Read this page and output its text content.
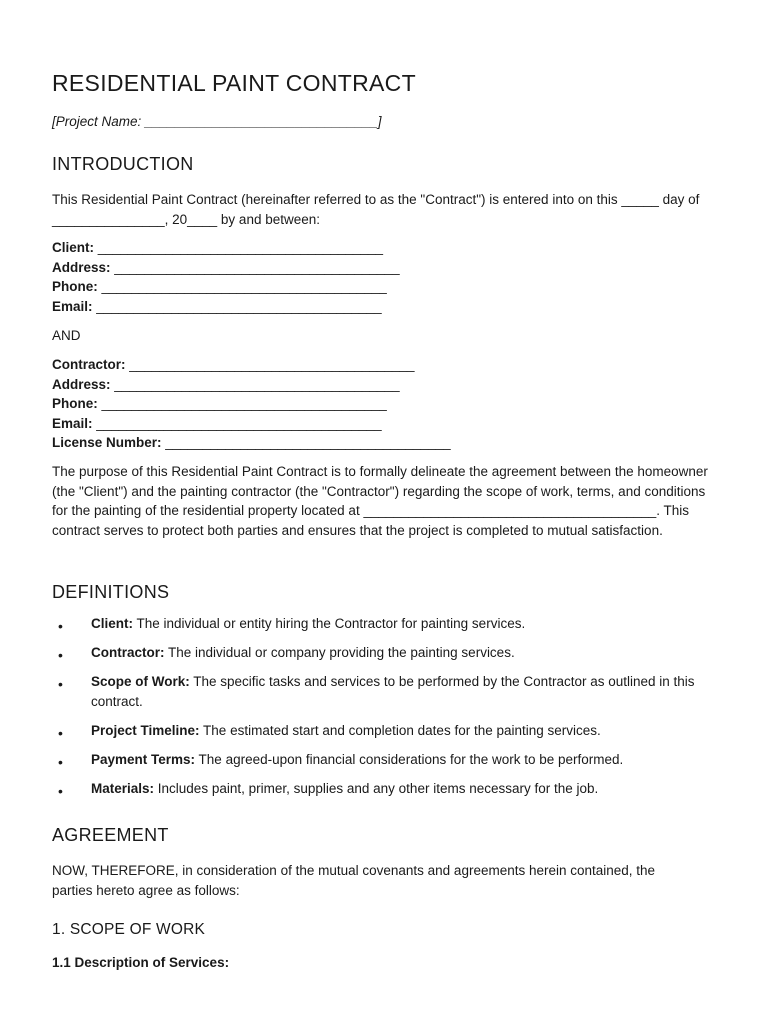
RESIDENTIAL PAINT CONTRACT
[Project Name: _______________________________]
INTRODUCTION

This Residential Paint Contract (hereinafter referred to as the "Contract") is entered into on this _____ day of _______________, 20____ by and between:

Client: ______________________________________
Address: ______________________________________
Phone: ______________________________________
Email: ______________________________________

AND

Contractor: ______________________________________
Address: ______________________________________
Phone: ______________________________________
Email: ______________________________________
License Number: ______________________________________

The purpose of this Residential Paint Contract is to formally delineate the agreement between the homeowner (the "Client") and the painting contractor (the "Contractor") regarding the scope of work, terms, and conditions for the painting of the residential property located at _______________________________________. This contract serves to protect both parties and ensures that the project is completed to mutual satisfaction.

DEFINITIONS
• Client: The individual or entity hiring the Contractor for painting services.
• Contractor: The individual or company providing the painting services.
• Scope of Work: The specific tasks and services to be performed by the Contractor as outlined in this contract.
• Project Timeline: The estimated start and completion dates for the painting services.
• Payment Terms: The agreed-upon financial considerations for the work to be performed.
• Materials: Includes paint, primer, supplies and any other items necessary for the job.
AGREEMENT

NOW, THEREFORE, in consideration of the mutual covenants and agreements herein contained, the parties hereto agree as follows:

1. SCOPE OF WORK
1.1 Description of Services:
